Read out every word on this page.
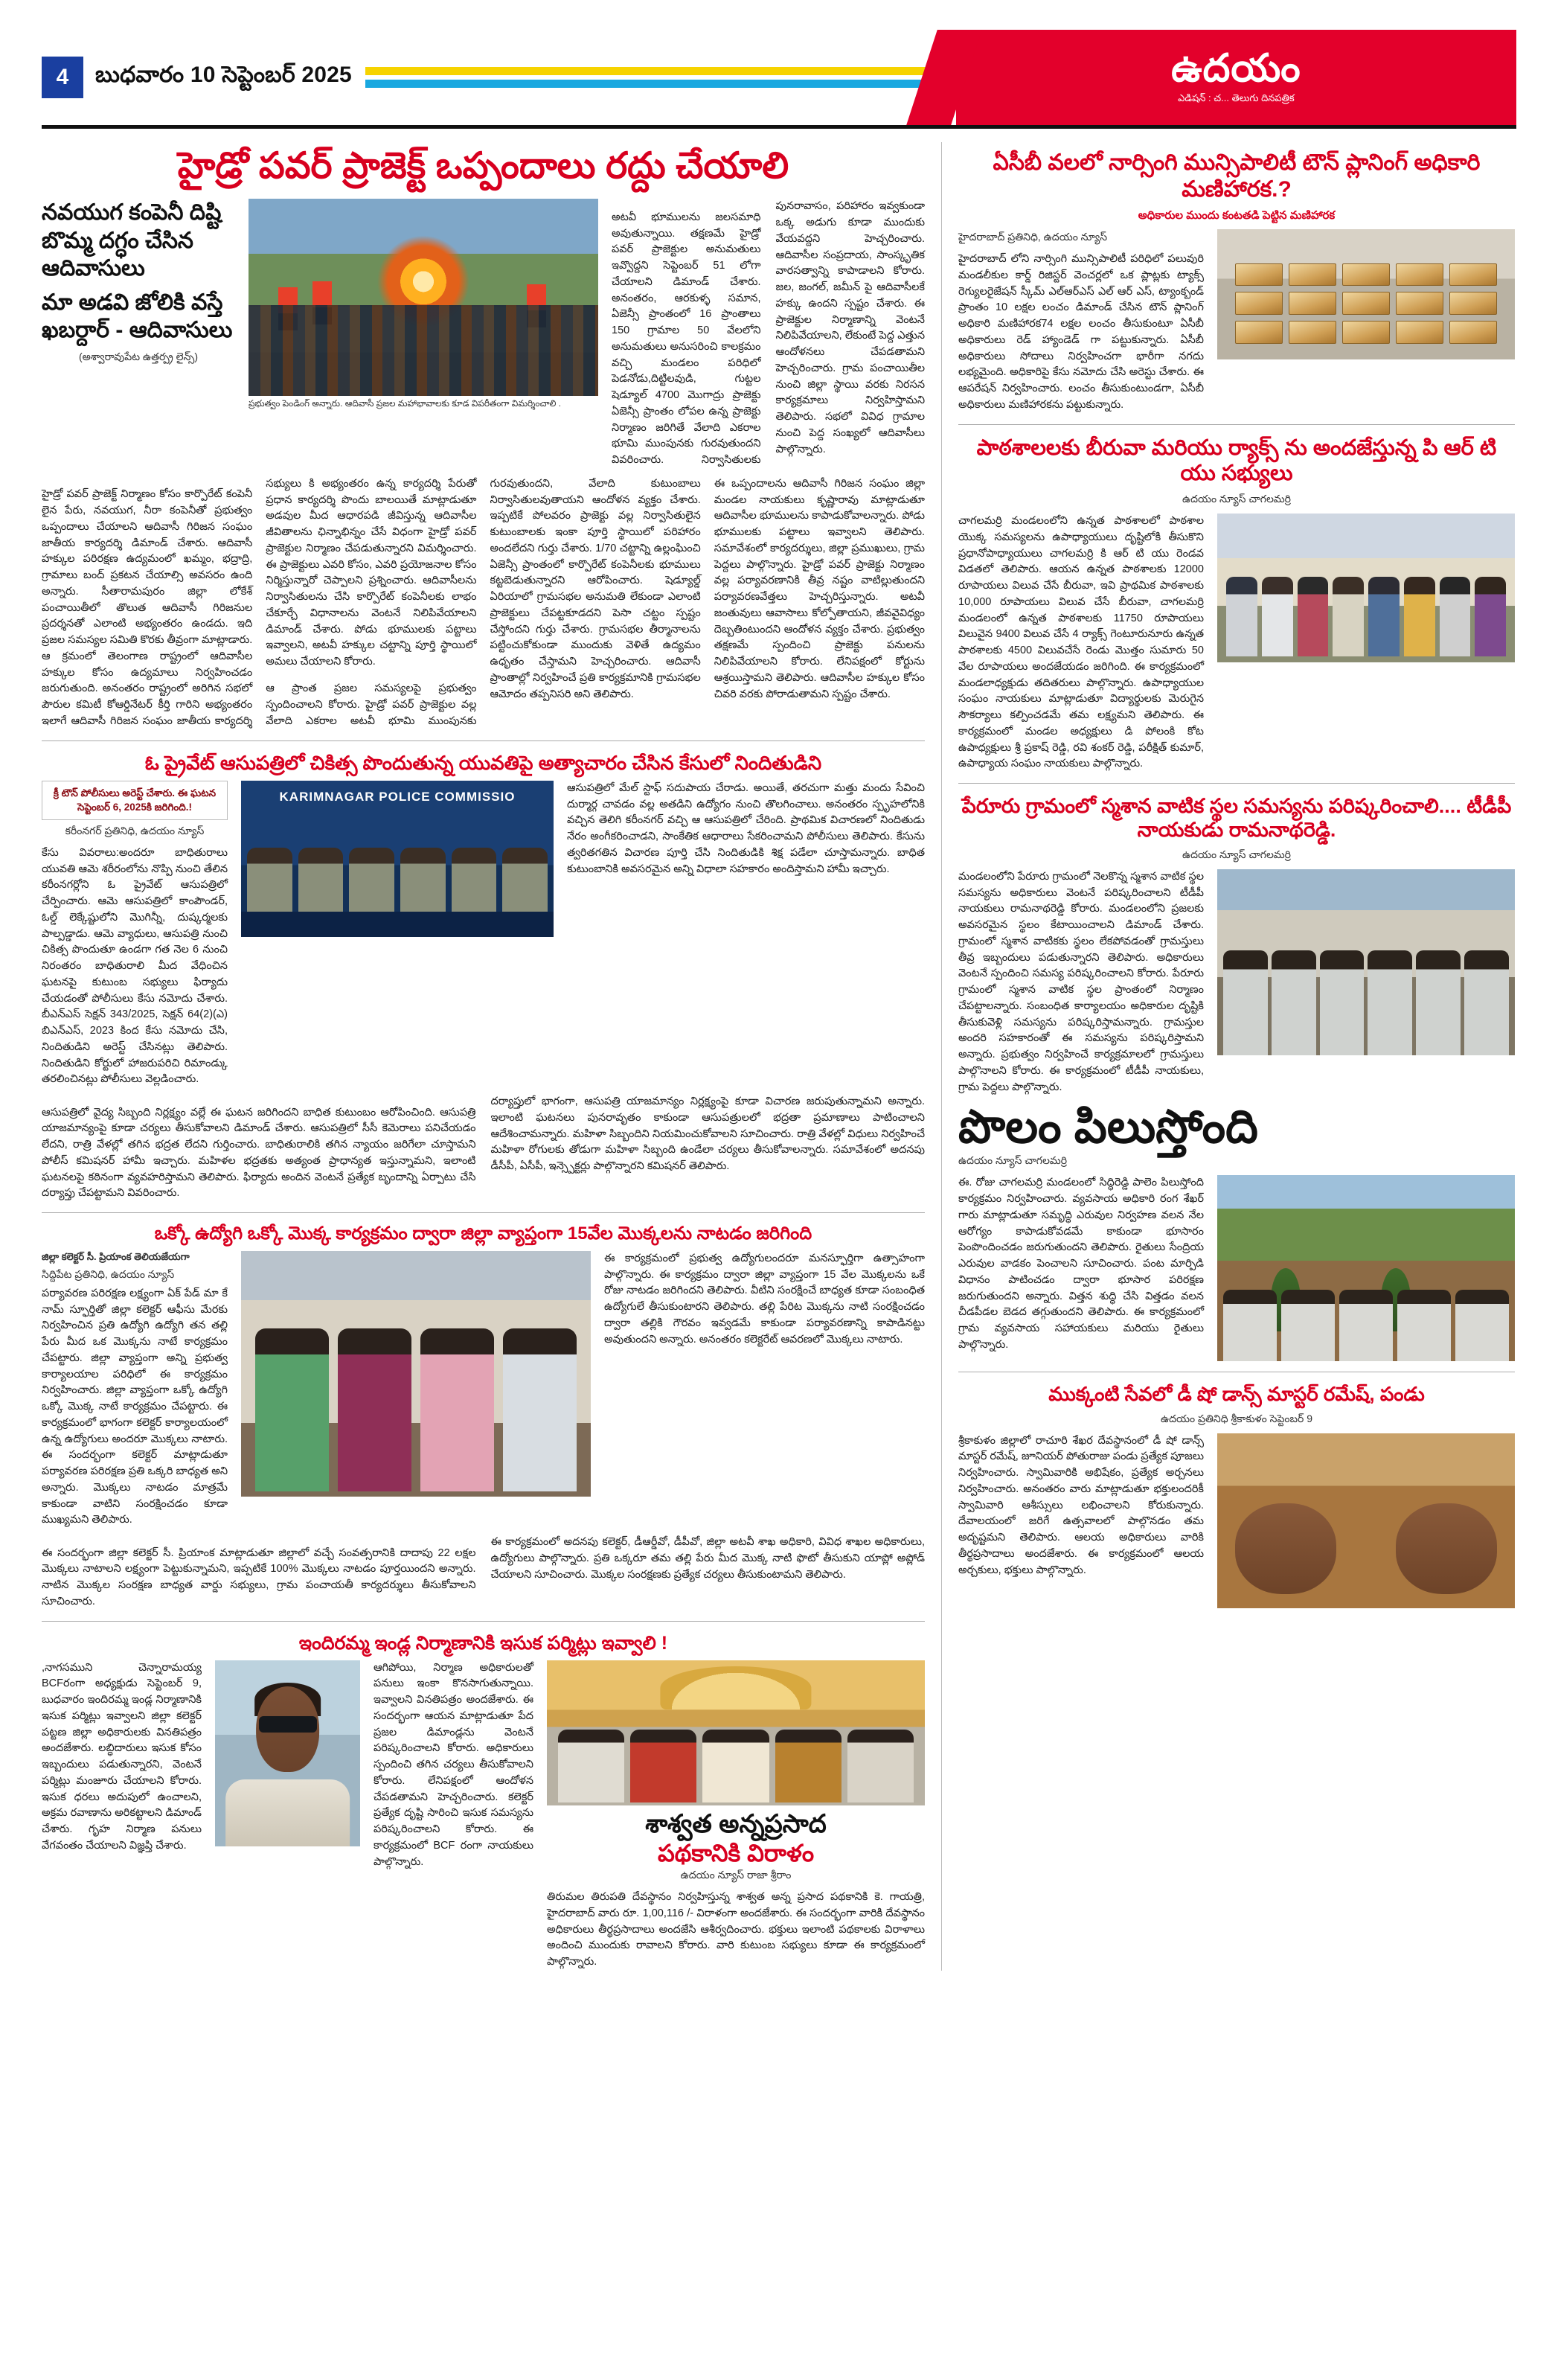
4	బుధవారం 10 సెప్టెంబర్ 2025	ఉదయం
ఎడిషన్ : చ... తెలుగు దినపత్రిక
హైడ్రో పవర్ ప్రాజెక్ట్ ఒప్పందాలు రద్దు చేయాలి
నవయుగ కంపెనీ దిష్టి బొమ్మ దగ్ధం చేసిన ఆదివాసులు
మా అడవి జోలికి వస్తే ఖబర్దార్ - ఆదివాసులు
(అశ్వారావుపేట ఉత్తర్ప్ర లైన్స్)
ప్రభుత్వం పెండింగ్ అన్నారు. ఆదివాసీ ప్రజల మహాభావాలకు కూడ విపరీతంగా విమర్శించాలి .

అటవీ భూములను జలసమాధి అవుతున్నాయి. తక్షణమే హైడ్రో పవర్ ప్రాజెక్టుల అనుమతులు ఇవ్వొద్దని సెప్టెంబర్ 51 లోగా చేయాలని డిమాండ్ చేశారు. అనంతరం, ఆరకుళ్ళ సమాన, ఏజెన్సీ ప్రాంతంలో 16 ప్రాంతాలు 150 గ్రామాల 50 వేలలోని అనుమతులు అనుసరించి కాలక్రమం వచ్చి మండలం పరిధిలో పెడనోడు,దిట్టిలవుడి, గుట్టల షెడ్యూల్ 4700 మొగాద్రు ప్రాజెక్టు ఏజెన్సీ ప్రాంతం లోపల ఉన్న ప్రాజెక్టు నిర్మాణం జరిగితే వేలాది ఎకరాల భూమి ముంపునకు గురవుతుందని వివరించారు. నిర్వాసితులకు పునరావాసం, పరిహారం ఇవ్వకుండా ఒక్క అడుగు కూడా ముందుకు వేయవద్దని హెచ్చరించారు. ఆదివాసీల సంప్రదాయ, సాంస్కృతిక వారసత్వాన్ని కాపాడాలని కోరారు. జల, జంగల్, జమీన్ పై ఆదివాసీలకే హక్కు ఉందని స్పష్టం చేశారు. ఈ ప్రాజెక్టుల నిర్మాణాన్ని వెంటనే నిలిపివేయాలని, లేకుంటే పెద్ద ఎత్తున ఆందోళనలు చేపడతామని హెచ్చరించారు. గ్రామ పంచాయితీల నుంచి జిల్లా స్థాయి వరకు నిరసన కార్యక్రమాలు నిర్వహిస్తామని తెలిపారు. సభలో వివిధ గ్రామాల నుంచి పెద్ద సంఖ్యలో ఆదివాసీలు పాల్గొన్నారు.

హైడ్రో పవర్ ప్రాజెక్ట్ నిర్మాణం కోసం కార్పొరేట్ కంపెనీ లైన పేరు, నవయుగ, నీరా కంపెనీతో ప్రభుత్వం ఒప్పందాలు చేయాలని ఆదివాసీ గిరిజన సంఘం జాతీయ కార్యదర్శి డిమాండ్ చేశారు. ఆదివాసీ హక్కుల పరిరక్షణ ఉద్యమంలో ఖమ్మం, భద్రాద్రి, గ్రామాలు బంద్ ప్రకటన చేయాల్సి అవసరం ఉంది అన్నారు. సీతారామపురం జిల్లా లోకేశ్ పంచాయితీలో తొలుత ఆదివాసీ గిరిజనుల ప్రదర్శనతో ఎలాంటి అభ్యంతరం ఉండదు. ఇది ప్రజల సమస్యల సమితి కొరకు తీవ్రంగా మాట్లాడారు. ఆ క్రమంలో తెలంగాణ రాష్ట్రంలో ఆదివాసీల హక్కుల కోసం ఉద్యమాలు నిర్వహించడం జరుగుతుంది. అనంతరం రాష్ట్రంలో అరిగిన సభలో పౌరుల కమిటీ కోఆర్డినేటర్ కీర్తి గారిని అభ్యంతరం ఇలాగే ఆదివాసీ గిరిజన సంఘం జాతీయ కార్యదర్శి సభ్యులు కి అభ్యంతరం ఉన్న కార్యదర్శి పేరుతో ప్రధాన కార్యదర్శి పొందు బాలయితే మాట్లాడుతూ అడవుల మీద ఆధారపడి జీవిస్తున్న ఆదివాసీల జీవితాలను ఛిన్నాభిన్నం చేసే విధంగా హైడ్రో పవర్ ప్రాజెక్టుల నిర్మాణం చేపడుతున్నారని విమర్శించారు. ఈ ప్రాజెక్టులు ఎవరి కోసం, ఎవరి ప్రయోజనాల కోసం నిర్మిస్తున్నారో చెప్పాలని ప్రశ్నించారు. ఆదివాసీలను నిర్వాసితులను చేసి కార్పొరేట్ కంపెనీలకు లాభం చేకూర్చే విధానాలను వెంటనే నిలిపివేయాలని డిమాండ్ చేశారు. పోడు భూములకు పట్టాలు ఇవ్వాలని, అటవీ హక్కుల చట్టాన్ని పూర్తి స్థాయిలో అమలు చేయాలని కోరారు.

ఆ ప్రాంత ప్రజల సమస్యలపై ప్రభుత్వం స్పందించాలని కోరారు. హైడ్రో పవర్ ప్రాజెక్టుల వల్ల వేలాది ఎకరాల అటవీ భూమి ముంపునకు గురవుతుందని, వేలాది కుటుంబాలు నిర్వాసితులవుతాయని ఆందోళన వ్యక్తం చేశారు. ఇప్పటికే పోలవరం ప్రాజెక్టు వల్ల నిర్వాసితులైన కుటుంబాలకు ఇంకా పూర్తి స్థాయిలో పరిహారం అందలేదని గుర్తు చేశారు. 1/70 చట్టాన్ని ఉల్లంఘించి ఏజెన్సీ ప్రాంతంలో కార్పొరేట్ కంపెనీలకు భూములు కట్టబెడుతున్నారని ఆరోపించారు. షెడ్యూల్డ్ ఏరియాలో గ్రామసభల అనుమతి లేకుండా ఎలాంటి ప్రాజెక్టులు చేపట్టకూడదని పెసా చట్టం స్పష్టం చేస్తోందని గుర్తు చేశారు. గ్రామసభల తీర్మానాలను పట్టించుకోకుండా ముందుకు వెళితే ఉద్యమం ఉధృతం చేస్తామని హెచ్చరించారు. ఆదివాసీ ప్రాంతాల్లో నిర్వహించే ప్రతి కార్యక్రమానికి గ్రామసభల ఆమోదం తప్పనిసరి అని తెలిపారు.

ఈ ఒప్పందాలను ఆదివాసీ గిరిజన సంఘం జిల్లా మండల నాయకులు కృష్ణారావు మాట్లాడుతూ ఆదివాసీల భూములను కాపాడుకోవాలన్నారు. పోడు భూములకు పట్టాలు ఇవ్వాలని తెలిపారు. సమావేశంలో కార్యదర్శులు, జిల్లా ప్రముఖులు, గ్రామ పెద్దలు పాల్గొన్నారు. హైడ్రో పవర్ ప్రాజెక్టు నిర్మాణం వల్ల పర్యావరణానికి తీవ్ర నష్టం వాటిల్లుతుందని పర్యావరణవేత్తలు హెచ్చరిస్తున్నారు. అటవీ జంతువులు ఆవాసాలు కోల్పోతాయని, జీవవైవిధ్యం దెబ్బతింటుందని ఆందోళన వ్యక్తం చేశారు. ప్రభుత్వం తక్షణమే స్పందించి ప్రాజెక్టు పనులను నిలిపివేయాలని కోరారు. లేనిపక్షంలో కోర్టును ఆశ్రయిస్తామని తెలిపారు. ఆదివాసీల హక్కుల కోసం చివరి వరకు పోరాడుతామని స్పష్టం చేశారు.

ఓ ప్రైవేట్ ఆసుపత్రిలో చికిత్స పొందుతున్న యువతిపై అత్యాచారం చేసిన కేసులో నిందితుడిని
క్రీ టౌన్ పోలీసులు అరెస్ట్ చేశారు. ఈ ఘటన సెప్టెంబర్ 6, 2025కి జరిగింది.!
కరీంనగర్ ప్రతినిధి, ఉదయం న్యూస్
కేసు వివరాలు:అందరూ బాధితురాలు యువతి ఆమె శరీరంలోను నొప్పి నుంచి తేలిన కరీంనగర్లోని ఓ ప్రైవేట్ ఆసుపత్రిలో చేర్పించారు. ఆమె ఆసుపత్రిలో కాంపౌండర్, ఓల్డ్ లెక్కేష్టులోని మొగిన్నీ, దుష్కర్మలకు పాల్పడ్డాడు. ఆమె వ్యాధులు, ఆసుపత్రి నుంచి చికిత్స పొందుతూ ఉండగా గత నెల 6 నుంచి నిరంతరం బాధితురాలి మీద వేధించిన ఘటనపై కుటుంబ సభ్యులు ఫిర్యాదు చేయడంతో పోలీసులు కేసు నమోదు చేశారు. బీఎన్ఎస్ సెక్షన్ 343/2025, సెక్షన్ 64(2)(ఎ) బిఎన్ఎస్, 2023 కింద కేసు నమోదు చేసి, నిందితుడిని అరెస్ట్ చేసినట్లు తెలిపారు. నిందితుడిని కోర్టులో హాజరుపరిచి రిమాండ్కు తరలించినట్లు పోలీసులు వెల్లడించారు.
KARIMNAGAR POLICE COMMISSIO
ఆసుపత్రిలో మేల్ స్టాఫ్ సదుపాయ చేరాడు. అయితే, తరచుగా మత్తు మందు సేవించి దుర్మార్గ చావడం వల్ల అతడిని ఉద్యోగం నుంచి తొలగించాలు. అనంతరం స్పృహలోనికి వచ్చిన తెలిగి కరీంనగర్ వచ్చి ఆ ఆసుపత్రిలో చేరింది. ప్రాథమిక విచారణలో నిందితుడు నేరం అంగీకరించాడని, సాంకేతిక ఆధారాలు సేకరించామని పోలీసులు తెలిపారు. కేసును త్వరితగతిన విచారణ పూర్తి చేసి నిందితుడికి శిక్ష పడేలా చూస్తామన్నారు. బాధిత కుటుంబానికి అవసరమైన అన్ని విధాలా సహకారం అందిస్తామని హామీ ఇచ్చారు.

ఆసుపత్రిలో వైద్య సిబ్బంది నిర్లక్ష్యం వల్లే ఈ ఘటన జరిగిందని బాధిత కుటుంబం ఆరోపించింది. ఆసుపత్రి యాజమాన్యంపై కూడా చర్యలు తీసుకోవాలని డిమాండ్ చేశారు. ఆసుపత్రిలో సీసీ కెమెరాలు పనిచేయడం లేదని, రాత్రి వేళల్లో తగిన భద్రత లేదని గుర్తించారు. బాధితురాలికి తగిన న్యాయం జరిగేలా చూస్తామని పోలీస్ కమిషనర్ హామీ ఇచ్చారు. మహిళల భద్రతకు అత్యంత ప్రాధాన్యత ఇస్తున్నామని, ఇలాంటి ఘటనలపై కఠినంగా వ్యవహరిస్తామని తెలిపారు. ఫిర్యాదు అందిన వెంటనే ప్రత్యేక బృందాన్ని ఏర్పాటు చేసి దర్యాప్తు చేపట్టామని వివరించారు.

దర్యాప్తులో భాగంగా, ఆసుపత్రి యాజమాన్యం నిర్లక్ష్యంపై కూడా విచారణ జరుపుతున్నామని అన్నారు. ఇలాంటి ఘటనలు పునరావృతం కాకుండా ఆసుపత్రులలో భద్రతా ప్రమాణాలు పాటించాలని ఆదేశించామన్నారు. మహిళా సిబ్బందిని నియమించుకోవాలని సూచించారు. రాత్రి వేళల్లో విధులు నిర్వహించే మహిళా రోగులకు తోడుగా మహిళా సిబ్బంది ఉండేలా చర్యలు తీసుకోవాలన్నారు. సమావేశంలో అదనపు డీసీపీ, ఏసీపీ, ఇన్స్పెక్టర్లు పాల్గొన్నారని కమిషనర్ తెలిపారు.

ఒక్కో ఉద్యోగి ఒక్కో మొక్క కార్యక్రమం ద్వారా జిల్లా వ్యాప్తంగా 15వేల మొక్కలను నాటడం జరిగింది
జిల్లా కలెక్టర్ సీ. ప్రియాంక తెలియజేయగా
సిద్దిపేట ప్రతినిధి, ఉదయం న్యూస్
పర్యావరణ పరిరక్షణ లక్ష్యంగా ఏక్ పేడ్ మా కే నామ్ స్ఫూర్తితో జిల్లా కలెక్టర్ ఆఫీసు మేరకు నిర్వహించిన ప్రతి ఉద్యోగి ఉద్యోగి తన తల్లి పేరు మీద ఒక మొక్కను నాటే కార్యక్రమం చేపట్టారు. జిల్లా వ్యాప్తంగా అన్ని ప్రభుత్వ కార్యాలయాల పరిధిలో ఈ కార్యక్రమం నిర్వహించారు. జిల్లా వ్యాప్తంగా ఒక్కో ఉద్యోగి ఒక్కో మొక్క నాటే కార్యక్రమం చేపట్టారు. ఈ కార్యక్రమంలో భాగంగా కలెక్టర్ కార్యాలయంలో ఉన్న ఉద్యోగులు అందరూ మొక్కలు నాటారు. ఈ సందర్భంగా కలెక్టర్ మాట్లాడుతూ పర్యావరణ పరిరక్షణ ప్రతి ఒక్కరి బాధ్యత అని అన్నారు. మొక్కలు నాటడం మాత్రమే కాకుండా వాటిని సంరక్షించడం కూడా ముఖ్యమని తెలిపారు.
ఈ కార్యక్రమంలో ప్రభుత్వ ఉద్యోగులందరూ మనస్ఫూర్తిగా ఉత్సాహంగా పాల్గొన్నారు. ఈ కార్యక్రమం ద్వారా జిల్లా వ్యాప్తంగా 15 వేల మొక్కలను ఒకే రోజు నాటడం జరిగిందని తెలిపారు. వీటిని సంరక్షించే బాధ్యత కూడా సంబంధిత ఉద్యోగులే తీసుకుంటారని తెలిపారు. తల్లి పేరిట మొక్కను నాటి సంరక్షించడం ద్వారా తల్లికి గౌరవం ఇవ్వడమే కాకుండా పర్యావరణాన్ని కాపాడినట్టు అవుతుందని అన్నారు. అనంతరం కలెక్టరేట్ ఆవరణలో మొక్కలు నాటారు.

ఈ సందర్భంగా జిల్లా కలెక్టర్ సీ. ప్రియాంక మాట్లాడుతూ జిల్లాలో వచ్చే సంవత్సరానికి దాదాపు 22 లక్షల మొక్కలు నాటాలని లక్ష్యంగా పెట్టుకున్నామని, ఇప్పటికే 100% మొక్కలు నాటడం పూర్తయిందని అన్నారు. నాటిన మొక్కల సంరక్షణ బాధ్యత వార్డు సభ్యులు, గ్రామ పంచాయతీ కార్యదర్శులు తీసుకోవాలని సూచించారు.

ఈ కార్యక్రమంలో అదనపు కలెక్టర్, డీఆర్డీవో, డీపీవో, జిల్లా అటవీ శాఖ అధికారి, వివిధ శాఖల అధికారులు, ఉద్యోగులు పాల్గొన్నారు. ప్రతి ఒక్కరూ తమ తల్లి పేరు మీద మొక్క నాటి ఫొటో తీసుకుని యాప్లో అప్లోడ్ చేయాలని సూచించారు. మొక్కల సంరక్షణకు ప్రత్యేక చర్యలు తీసుకుంటామని తెలిపారు.

ఇందిరమ్మ ఇండ్ల నిర్మాణానికి ఇసుక పర్మిట్లు ఇవ్వాలి !
,నాగసముని చెన్నారామయ్య BCFరంగా అధ్యక్షుడు సెప్టెంబర్ 9, బుధవారం ఇందిరమ్మ ఇండ్ల నిర్మాణానికి ఇసుక పర్మిట్లు ఇవ్వాలని జిల్లా కలెక్టర్ పట్టణ జిల్లా అధికారులకు వినతిపత్రం అందజేశారు. లబ్ధిదారులు ఇసుక కోసం ఇబ్బందులు పడుతున్నారని, వెంటనే పర్మిట్లు మంజూరు చేయాలని కోరారు. ఇసుక ధరలు అదుపులో ఉంచాలని, అక్రమ రవాణాను అరికట్టాలని డిమాండ్ చేశారు. గృహ నిర్మాణ పనులు వేగవంతం చేయాలని విజ్ఞప్తి చేశారు.
ఆగిపోయి, నిర్మాణ అధికారులతో పనులు ఇంకా కొనసాగుతున్నాయి. ఇవ్వాలని వినతిపత్రం అందజేశారు. ఈ సందర్భంగా ఆయన మాట్లాడుతూ పేద ప్రజల డిమాండ్లను వెంటనే పరిష్కరించాలని కోరారు. అధికారులు స్పందించి తగిన చర్యలు తీసుకోవాలని కోరారు. లేనిపక్షంలో ఆందోళన చేపడతామని హెచ్చరించారు. కలెక్టర్ ప్రత్యేక దృష్టి సారించి ఇసుక సమస్యను పరిష్కరించాలని కోరారు. ఈ కార్యక్రమంలో BCF రంగా నాయకులు పాల్గొన్నారు.
శాశ్వత అన్నప్రసాద
పథకానికి విరాళం
ఉదయం న్యూస్ రాజా శ్రీరాం
తిరుమల తిరుపతి దేవస్థానం నిర్వహిస్తున్న శాశ్వత అన్న ప్రసాద పథకానికి కె. గాయత్రి, హైదరాబాద్ వారు రూ. 1,00,116 /- విరాళంగా అందజేశారు. ఈ సందర్భంగా వారికి దేవస్థానం అధికారులు తీర్థప్రసాదాలు అందజేసి ఆశీర్వదించారు. భక్తులు ఇలాంటి పథకాలకు విరాళాలు అందించి ముందుకు రావాలని కోరారు. వారి కుటుంబ సభ్యులు కూడా ఈ కార్యక్రమంలో పాల్గొన్నారు.
ఏసీబీ వలలో నార్సింగి మున్సిపాలిటీ టౌన్ ప్లానింగ్ అధికారి మణిహారక.?
అధికారుల ముందు కంటతడి పెట్టిన మణిహారక
హైదరాబాద్ ప్రతినిధి, ఉదయం న్యూస్
హైదరాబాద్ లోని నార్సింగి మున్సిపాలిటీ పరిధిలో పలువురి మండలీకుల కార్డ్ రిజిస్టర్ వెంచర్లలో ఒక ప్లాట్లకు ట్యాక్స్ రెగ్యులరైజేషన్ స్కీమ్ ఎల్ఆర్ఎస్ ఎల్ ఆర్ ఎస్, ట్యాంక్బండ్ ప్రాంతం 10 లక్షల లంచం డిమాండ్ చేసిన టౌన్ ప్లానింగ్ అధికారి మణిహారక74 లక్షల లంచం తీసుకుంటూ ఏసీబీ అధికారులు రెడ్ హ్యాండెడ్ గా పట్టుకున్నారు. ఏసీబీ అధికారులు సోదాలు నిర్వహించగా భారీగా నగదు లభ్యమైంది. అధికారిపై కేసు నమోదు చేసి అరెస్టు చేశారు. ఈ ఆపరేషన్ నిర్వహించారు. లంచం తీసుకుంటుండగా, ఏసీబీ అధికారులు మణిహారకను పట్టుకున్నారు.
పాఠశాలలకు బీరువా మరియు ర్యాక్స్ ను అందజేస్తున్న పి ఆర్ టి యు సభ్యులు
ఉదయం న్యూస్ చాగలమర్రి
చాగలమర్రి మండలంలోని ఉన్నత పాఠశాలలో పాఠశాల యొక్క సమస్యలను ఉపాధ్యాయులు దృష్టిలోకి తీసుకొని ప్రధానోపాధ్యాయులు చాగలమర్రి కి ఆర్ టి యు రెండవ విడతలో తెలిపారు. ఆయన ఉన్నత పాఠశాలకు 12000 రూపాయలు విలువ చేసే బీరువా, ఇవి ప్రాథమిక పాఠశాలకు 10,000 రూపాయలు విలువ చేసే బీరువా, చాగలమర్రి మండలంలో ఉన్నత పాఠశాలకు 11750 రూపాయలు విలువైన 9400 విలువ చేసే 4 ర్యాక్స్ గెంటూరునూరు ఉన్నత పాఠశాలకు 4500 విలువచేసే రెండు మొత్తం సుమారు 50 వేల రూపాయలు అందజేయడం జరిగింది. ఈ కార్యక్రమంలో మండలాధ్యక్షుడు తదితరులు పాల్గొన్నారు. ఉపాధ్యాయుల సంఘం నాయకులు మాట్లాడుతూ విద్యార్థులకు మెరుగైన సౌకర్యాలు కల్పించడమే తమ లక్ష్యమని తెలిపారు. ఈ కార్యక్రమంలో మండల అధ్యక్షులు డి పోలంకి కోట ఉపాధ్యక్షులు శ్రీ ప్రకాష్ రెడ్డి, రవి శంకర్ రెడ్డి, పరీక్షిత్ కుమార్, ఉపాధ్యాయ సంఘం నాయకులు పాల్గొన్నారు.
పేరూరు గ్రామంలో స్మశాన వాటిక స్థల సమస్యను పరిష్కరించాలి.... టీడీపీ నాయకుడు రామనాథరెడ్డి.
ఉదయం న్యూస్ చాగలమర్రి
మండలంలోని పేరూరు గ్రామంలో నెలకొన్న స్మశాన వాటిక స్థల సమస్యను అధికారులు వెంటనే పరిష్కరించాలని టీడీపీ నాయకులు రామనాథరెడ్డి కోరారు. మండలంలోని ప్రజలకు అవసరమైన స్థలం కేటాయించాలని డిమాండ్ చేశారు. గ్రామంలో స్మశాన వాటికకు స్థలం లేకపోవడంతో గ్రామస్తులు తీవ్ర ఇబ్బందులు పడుతున్నారని తెలిపారు. అధికారులు వెంటనే స్పందించి సమస్య పరిష్కరించాలని కోరారు. పేరూరు గ్రామంలో స్మశాన వాటిక స్థల ప్రాంతంలో నిర్మాణం చేపట్టాలన్నారు. సంబంధిత కార్యాలయం అధికారుల దృష్టికి తీసుకువెళ్లి సమస్యను పరిష్కరిస్తామన్నారు. గ్రామస్తుల అందరి సహకారంతో ఈ సమస్యను పరిష్కరిస్తామని అన్నారు. ప్రభుత్వం నిర్వహించే కార్యక్రమాలలో గ్రామస్తులు పాల్గొనాలని కోరారు. ఈ కార్యక్రమంలో టీడీపీ నాయకులు, గ్రామ పెద్దలు పాల్గొన్నారు.
పొలం పిలుస్తోంది
ఉదయం న్యూస్ చాగలమర్రి
ఈ. రోజు చాగలమర్రి మండలంలో సిద్ధిరెడ్డి పాలెం పిలుస్తోంది కార్యక్రమం నిర్వహించారు. వ్యవసాయ అధికారి రంగ శేఖర్ గారు మాట్లాడుతూ సమృద్ధి ఎరువుల నిర్వహణ వలన నేల ఆరోగ్యం కాపాడుకోవడమే కాకుండా భూసారం పెంపొందించడం జరుగుతుందని తెలిపారు. రైతులు సేంద్రియ ఎరువుల వాడకం పెంచాలని సూచించారు. పంట మార్పిడి విధానం పాటించడం ద్వారా భూసార పరిరక్షణ జరుగుతుందని అన్నారు. విత్తన శుద్ధి చేసి విత్తడం వలన చీడపీడల బెడద తగ్గుతుందని తెలిపారు. ఈ కార్యక్రమంలో గ్రామ వ్యవసాయ సహాయకులు మరియు రైతులు పాల్గొన్నారు.
ముక్కంటి సేవలో డీ షో డాన్స్ మాస్టర్ రమేష్, పండు
ఉదయం ప్రతినిధి శ్రీకాకుళం సెప్టెంబర్ 9
శ్రీకాకుళం జిల్లాలో రాచూరి శేఖర దేవస్థానంలో డీ షో డాన్స్ మాస్టర్ రమేష్, జూనియర్ పోతురాజు పండు ప్రత్యేక పూజలు నిర్వహించారు. స్వామివారికి అభిషేకం, ప్రత్యేక అర్చనలు నిర్వహించారు. అనంతరం వారు మాట్లాడుతూ భక్తులందరికీ స్వామివారి ఆశీస్సులు లభించాలని కోరుకున్నారు. దేవాలయంలో జరిగే ఉత్సవాలలో పాల్గొనడం తమ అదృష్టమని తెలిపారు. ఆలయ అధికారులు వారికి తీర్థప్రసాదాలు అందజేశారు. ఈ కార్యక్రమంలో ఆలయ అర్చకులు, భక్తులు పాల్గొన్నారు.
